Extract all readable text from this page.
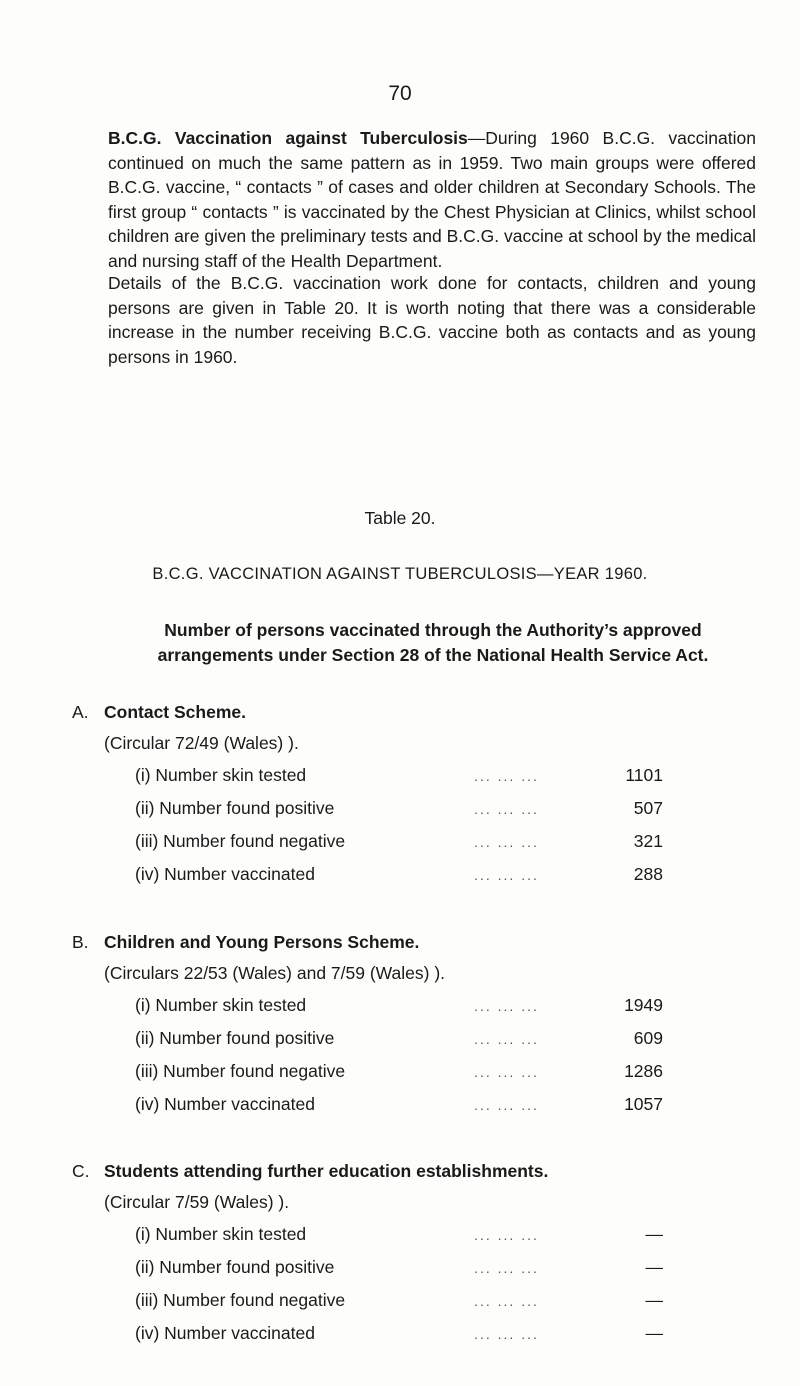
70

B.C.G. Vaccination against Tuberculosis—During 1960 B.C.G. vaccination continued on much the same pattern as in 1959. Two main groups were offered B.C.G. vaccine, “ contacts ” of cases and older children at Secondary Schools. The first group “ contacts ” is vaccinated by the Chest Physician at Clinics, whilst school children are given the preliminary tests and B.C.G. vaccine at school by the medical and nursing staff of the Health Department.

Details of the B.C.G. vaccination work done for contacts, children and young persons are given in Table 20. It is worth noting that there was a considerable increase in the number receiving B.C.G. vaccine both as contacts and as young persons in 1960.

Table 20.
B.C.G. VACCINATION AGAINST TUBERCULOSIS—YEAR 1960.
Number of persons vaccinated through the Authority’s approved arrangements under Section 28 of the National Health Service Act.
A. Contact Scheme.
(Circular 72/49 (Wales) ).
(i) Number skin tested	... ... ...	1101
(ii) Number found positive	... ... ...	507
(iii) Number found negative	... ... ...	321
(iv) Number vaccinated	... ... ...	288
B. Children and Young Persons Scheme.
(Circulars 22/53 (Wales) and 7/59 (Wales) ).
(i) Number skin tested	... ... ...	1949
(ii) Number found positive	... ... ...	609
(iii) Number found negative	... ... ...	1286
(iv) Number vaccinated	... ... ...	1057
C. Students attending further education establishments.
(Circular 7/59 (Wales) ).
(i) Number skin tested	... ... ...	—
(ii) Number found positive	... ... ...	—
(iii) Number found negative	... ... ...	—
(iv) Number vaccinated	... ... ...	—
